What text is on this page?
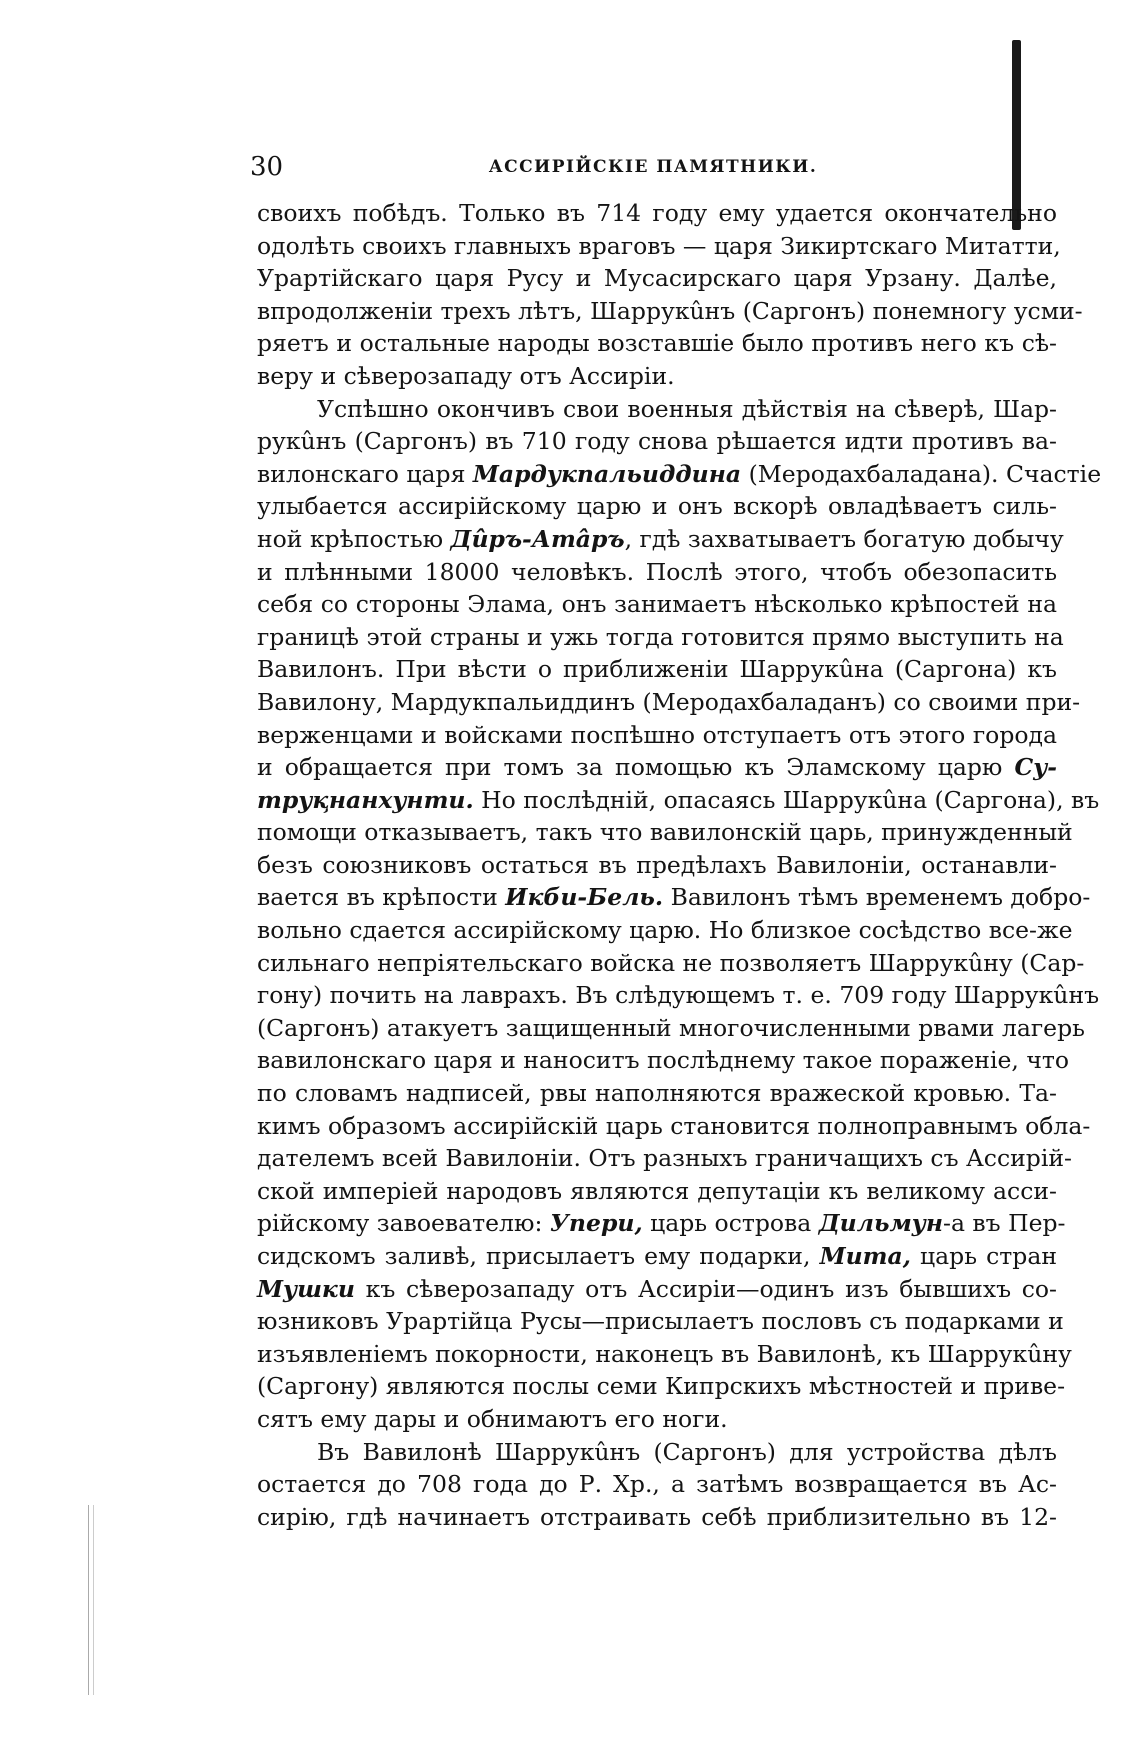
30	АССИРІЙСКІЕ ПАМЯТНИКИ.
своихъ побѣдъ. Только въ 714 году ему удается окончательно
одолѣть своихъ главныхъ враговъ — царя Зикиртскаго Митатти,
Урартійскаго царя Русу и Мусасирскаго царя Урзану. Далѣе,
впродолженіи трехъ лѣтъ, Шаррукûнъ (Саргонъ) понемногу усми-
ряетъ и остальные народы возставшіе было противъ него къ сѣ-
веру и сѣверозападу отъ Ассиріи.
Успѣшно окончивъ свои военныя дѣйствія на сѣверѣ, Шар-
рукûнъ (Саргонъ) въ 710 году снова рѣшается идти противъ ва-
вилонскаго царя Мардукпальиддина (Меродахбаладана). Счастіе
улыбается ассирійскому царю и онъ вскорѣ овладѣваетъ силь-
ной крѣпостью Дûръ-Атâръ, гдѣ захватываетъ богатую добычу
и плѣнными 18000 человѣкъ. Послѣ этого, чтобъ обезопасить
себя со стороны Элама, онъ занимаетъ нѣсколько крѣпостей на
границѣ этой страны и ужь тогда готовится прямо выступить на
Вавилонъ. При вѣсти о приближеніи Шаррукûна (Саргона) къ
Вавилону, Мардукпальиддинъ (Меродахбаладанъ) со своими при-
верженцами и войсками поспѣшно отступаетъ отъ этого города
и обращается при томъ за помощью къ Эламскому царю Су-
труқнанхунти. Но послѣдній, опасаясь Шаррукûна (Саргона), въ
помощи отказываетъ, такъ что вавилонскій царь, принужденный
безъ союзниковъ остаться въ предѣлахъ Вавилоніи, останавли-
вается въ крѣпости Икби-Бель. Вавилонъ тѣмъ временемъ добро-
вольно сдается ассирійскому царю. Но близкое сосѣдство все-же
сильнаго непріятельскаго войска не позволяетъ Шаррукûну (Сар-
гону) почить на лаврахъ. Въ слѣдующемъ т. е. 709 году Шаррукûнъ
(Саргонъ) атакуетъ защищенный многочисленными рвами лагерь
вавилонскаго царя и наноситъ послѣднему такое пораженіе, что
по словамъ надписей, рвы наполняются вражеской кровью. Та-
кимъ образомъ ассирійскій царь становится полноправнымъ обла-
дателемъ всей Вавилоніи. Отъ разныхъ граничащихъ съ Ассирій-
ской имперіей народовъ являются депутаціи къ великому асси-
рійскому завоевателю: Упери, царь острова Дильмун-а въ Пер-
сидскомъ заливѣ, присылаетъ ему подарки, Мита, царь стран
Мушки къ сѣверозападу отъ Ассиріи—одинъ изъ бывшихъ со-
юзниковъ Урартійца Русы—присылаетъ пословъ съ подарками и
изъявленіемъ покорности, наконецъ въ Вавилонѣ, къ Шаррукûну
(Саргону) являются послы семи Кипрскихъ мѣстностей и приве-
сятъ ему дары и обнимаютъ его ноги.
Въ Вавилонѣ Шаррукûнъ (Саргонъ) для устройства дѣлъ
остается до 708 года до Р. Хр., а затѣмъ возвращается въ Ас-
сирію, гдѣ начинаетъ отстраивать себѣ приблизительно въ 12-
